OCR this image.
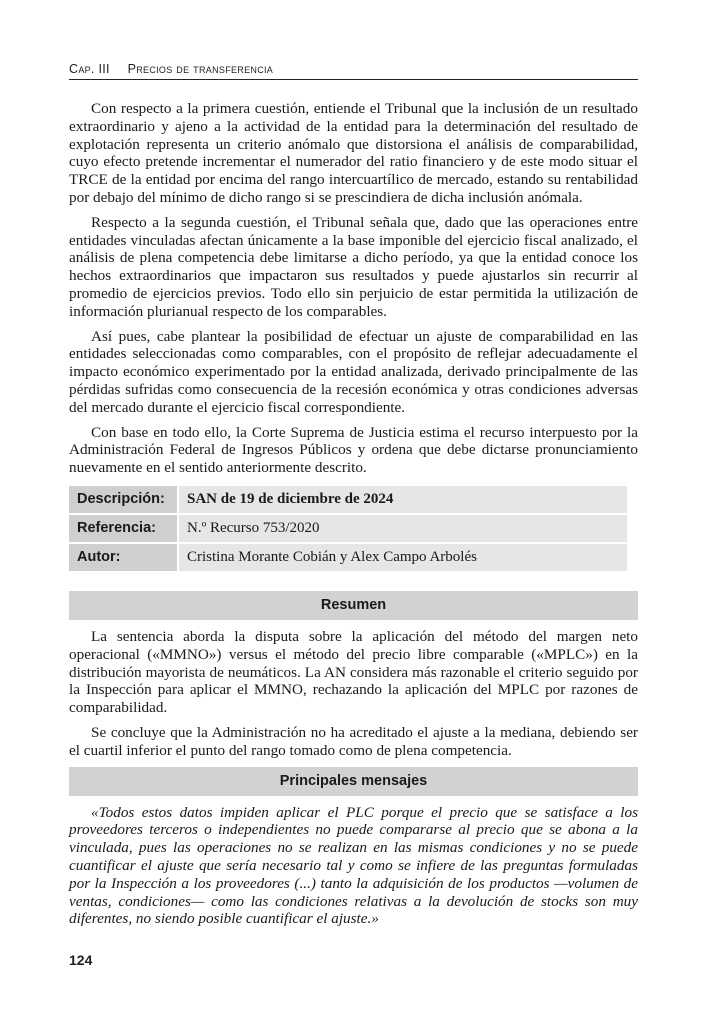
Cap. III Precios de transferencia

Con respecto a la primera cuestión, entiende el Tribunal que la inclusión de un resultado extraordinario y ajeno a la actividad de la entidad para la determinación del resultado de explotación representa un criterio anómalo que distorsiona el análisis de comparabilidad, cuyo efecto pretende incrementar el numerador del ratio financiero y de este modo situar el TRCE de la entidad por encima del rango intercuartílico de mercado, estando su rentabilidad por debajo del mínimo de dicho rango si se prescindiera de dicha inclusión anómala.

Respecto a la segunda cuestión, el Tribunal señala que, dado que las operaciones entre entidades vinculadas afectan únicamente a la base imponible del ejercicio fiscal analizado, el análisis de plena competencia debe limitarse a dicho período, ya que la entidad conoce los hechos extraordinarios que impactaron sus resultados y puede ajustarlos sin recurrir al promedio de ejercicios previos. Todo ello sin perjuicio de estar permitida la utilización de información plurianual respecto de los comparables.

Así pues, cabe plantear la posibilidad de efectuar un ajuste de comparabilidad en las entidades seleccionadas como comparables, con el propósito de reflejar adecuadamente el impacto económico experimentado por la entidad analizada, derivado principalmente de las pérdidas sufridas como consecuencia de la recesión económica y otras condiciones adversas del mercado durante el ejercicio fiscal correspondiente.

Con base en todo ello, la Corte Suprema de Justicia estima el recurso interpuesto por la Administración Federal de Ingresos Públicos y ordena que debe dictarse pronunciamiento nuevamente en el sentido anteriormente descrito.

Descripción:	SAN de 19 de diciembre de 2024
Referencia:	N.º Recurso 753/2020
Autor:	Cristina Morante Cobián y Alex Campo Arbolés
Resumen

La sentencia aborda la disputa sobre la aplicación del método del margen neto operacional («MMNO») versus el método del precio libre comparable («MPLC») en la distribución mayorista de neumáticos. La AN considera más razonable el criterio seguido por la Inspección para aplicar el MMNO, rechazando la aplicación del MPLC por razones de comparabilidad.

Se concluye que la Administración no ha acreditado el ajuste a la mediana, debiendo ser el cuartil inferior el punto del rango tomado como de plena competencia.

Principales mensajes

«Todos estos datos impiden aplicar el PLC porque el precio que se satisface a los proveedores terceros o independientes no puede compararse al precio que se abona a la vinculada, pues las operaciones no se realizan en las mismas condiciones y no se puede cuantificar el ajuste que sería necesario tal y como se infiere de las preguntas formuladas por la Inspección a los proveedores (...) tanto la adquisición de los productos —volumen de ventas, condiciones— como las condiciones relativas a la devolución de stocks son muy diferentes, no siendo posible cuantificar el ajuste.»

124
